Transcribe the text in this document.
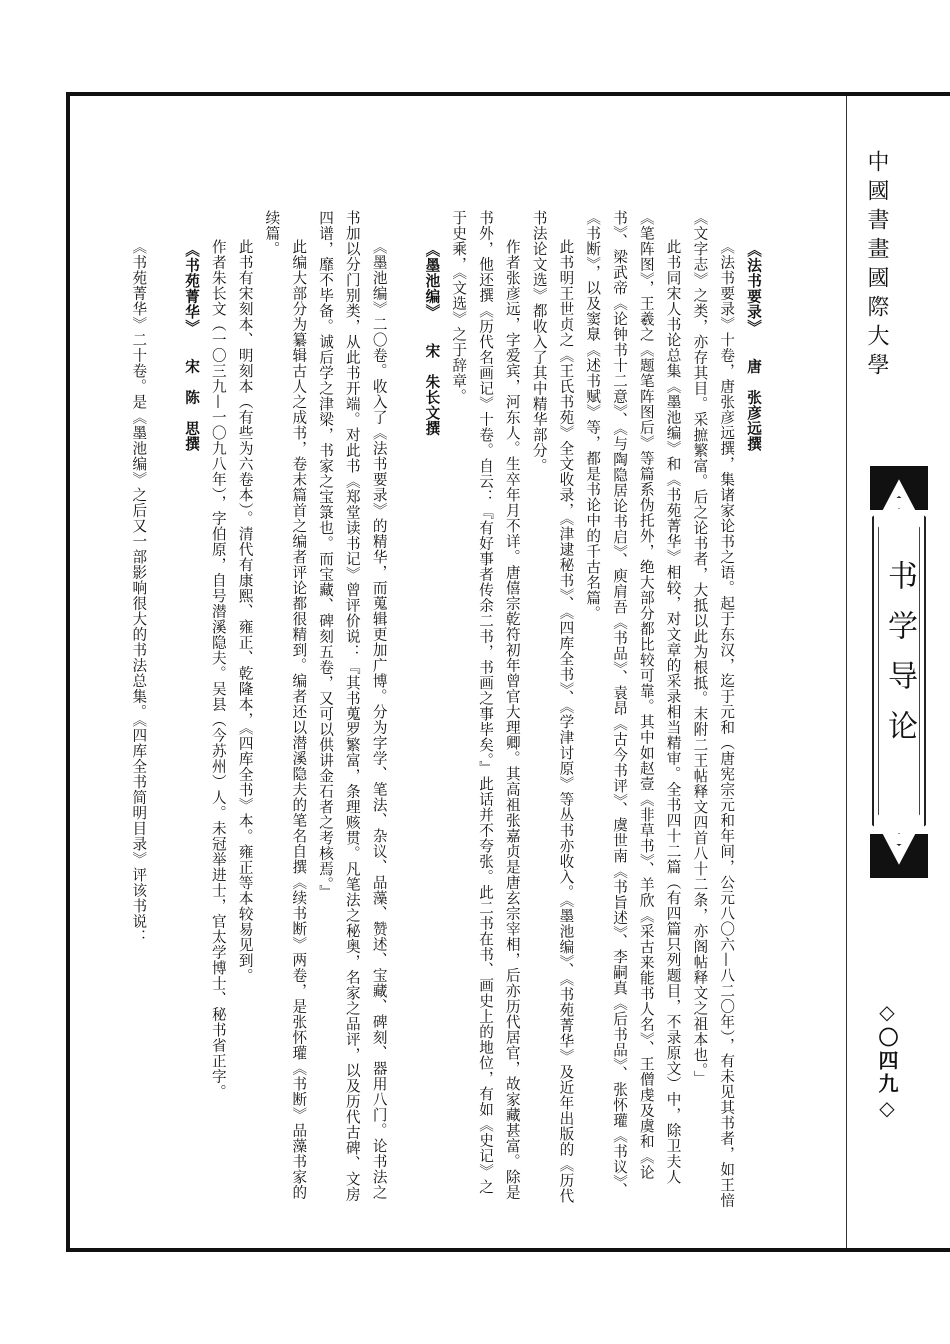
中國書畫國際大學
书学导论
◇〇四九◇

《法书要录》　　唐　张彦远撰

《法书要录》十卷，唐张彦远撰，集诸家论书之语。起于东汉，迄于元和（唐宪宗元和年间，公元八〇六—八二〇年），有未见其书者，如王愔《文字志》之类，亦存其目。采摭繁富。后之论书者，大抵以此为根抵。末附二王帖释文四首八十二条，亦阁帖释文之祖本也。」

此书同宋人书论总集《墨池编》和《书苑菁华》相较，对文章的采录相当精审。全书四十二篇（有四篇只列题目，不录原文）中，除卫夫人《笔阵图》，王羲之《题笔阵图后》等篇系伪托外，绝大部分都比较可靠。其中如赵壹《非草书》、羊欣《采古来能书人名》、王僧虔及虞和《论书》、梁武帝《论钟书十二意》、《与陶隐居论书启》、庾肩吾《书品》、袁昂《古今书评》、虞世南《书旨述》、李嗣真《后书品》、张怀瓘《书议》、《书断》，以及窦臮《述书赋》等，都是书论中的千古名篇。

此书明王世贞之《王氏书苑》全文收录，《津逮秘书》、《四库全书》、《学津讨原》等丛书亦收入。《墨池编》、《书苑菁华》及近年出版的《历代书法论文选》都收入了其中精华部分。

作者张彦远，字爱宾，河东人。生卒年月不详。唐僖宗乾符初年曾官大理卿。其高祖张嘉贞是唐玄宗宰相，后亦历代居官，故家藏甚富。除是书外，他还撰《历代名画记》十卷。自云：『有好事者传余二书，书画之事毕矣。』此话并不夸张。此二书在书、画史上的地位，有如《史记》之于史乘，《文选》之于辞章。

《墨池编》　　宋　朱长文撰

《墨池编》二〇卷。收入了《法书要录》的精华，而蒐辑更加广博。分为字学、笔法、杂议、品藻、赞述、宝藏、碑刻、器用八门。论书法之书加以分门别类，从此书开端。对此书《郑堂读书记》曾评价说：『其书蒐罗繁富，条理赅贯。凡笔法之秘奥，名家之品评，以及历代古碑、文房四谱，靡不毕备。诚后学之津梁，书家之宝箓也。而宝藏、碑刻五卷，又可以供讲金石者之考核焉。』

此编大部分为纂辑古人之成书，卷末篇首之编者评论都很精到。编者还以潜溪隐夫的笔名自撰《续书断》两卷，是张怀瓘《书断》品藻书家的续篇。

此书有宋刻本、明刻本（有些为六卷本）。清代有康熙、雍正、乾隆本，《四库全书》本。雍正等本较易见到。

作者朱长文（一〇三九—一〇九八年），字伯原，自号潜溪隐夫。吴县（今苏州）人。未冠举进士，官太学博士、秘书省正字。

《书苑菁华》　　宋　陈　思撰

《书苑菁华》二十卷。是《墨池编》之后又一部影响很大的书法总集。《四库全书简明目录》评该书说：
